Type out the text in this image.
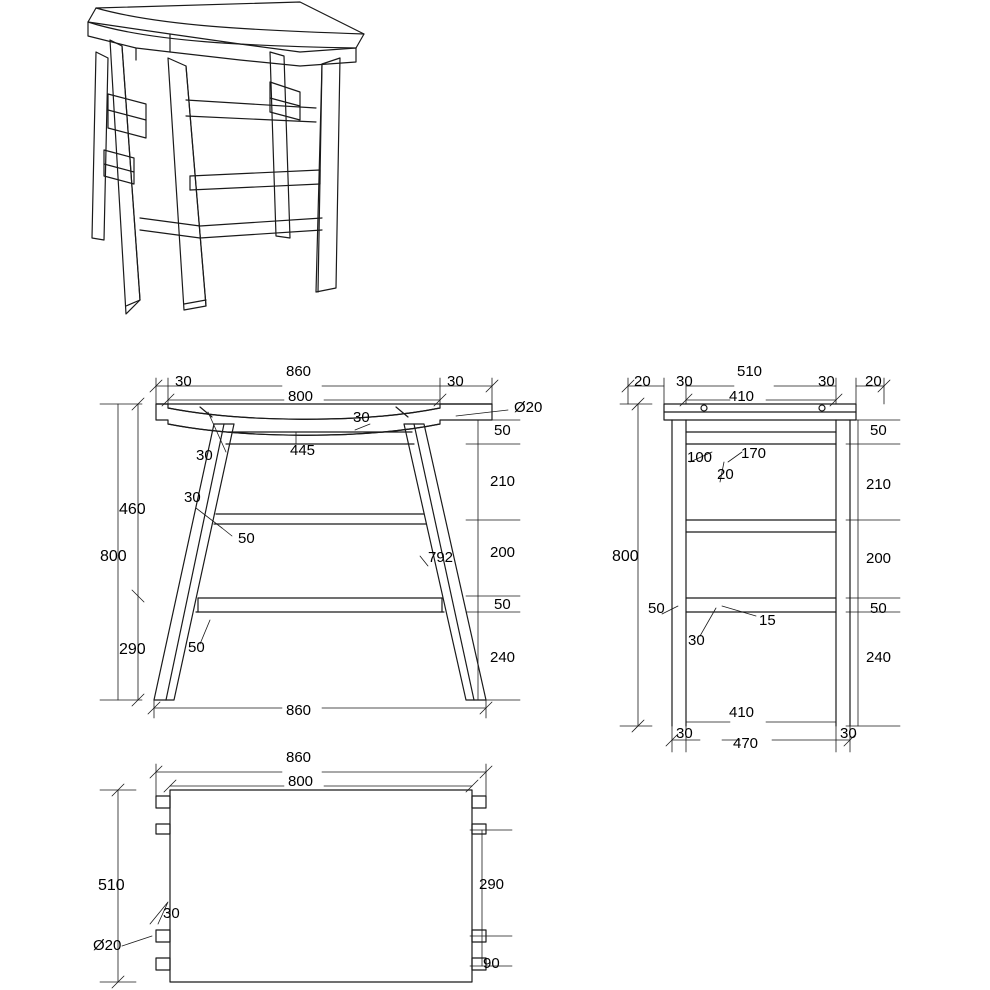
30
860
30
800
30
Ø20
50
30	445
210
30
460
50
792 200
800
50
290	50
240
860
20 30
510
30 20
410
50
100 170
20
210
800	200
50
15
50
30
240
410
30
470
30
860
800
510	290
30
Ø20
90
